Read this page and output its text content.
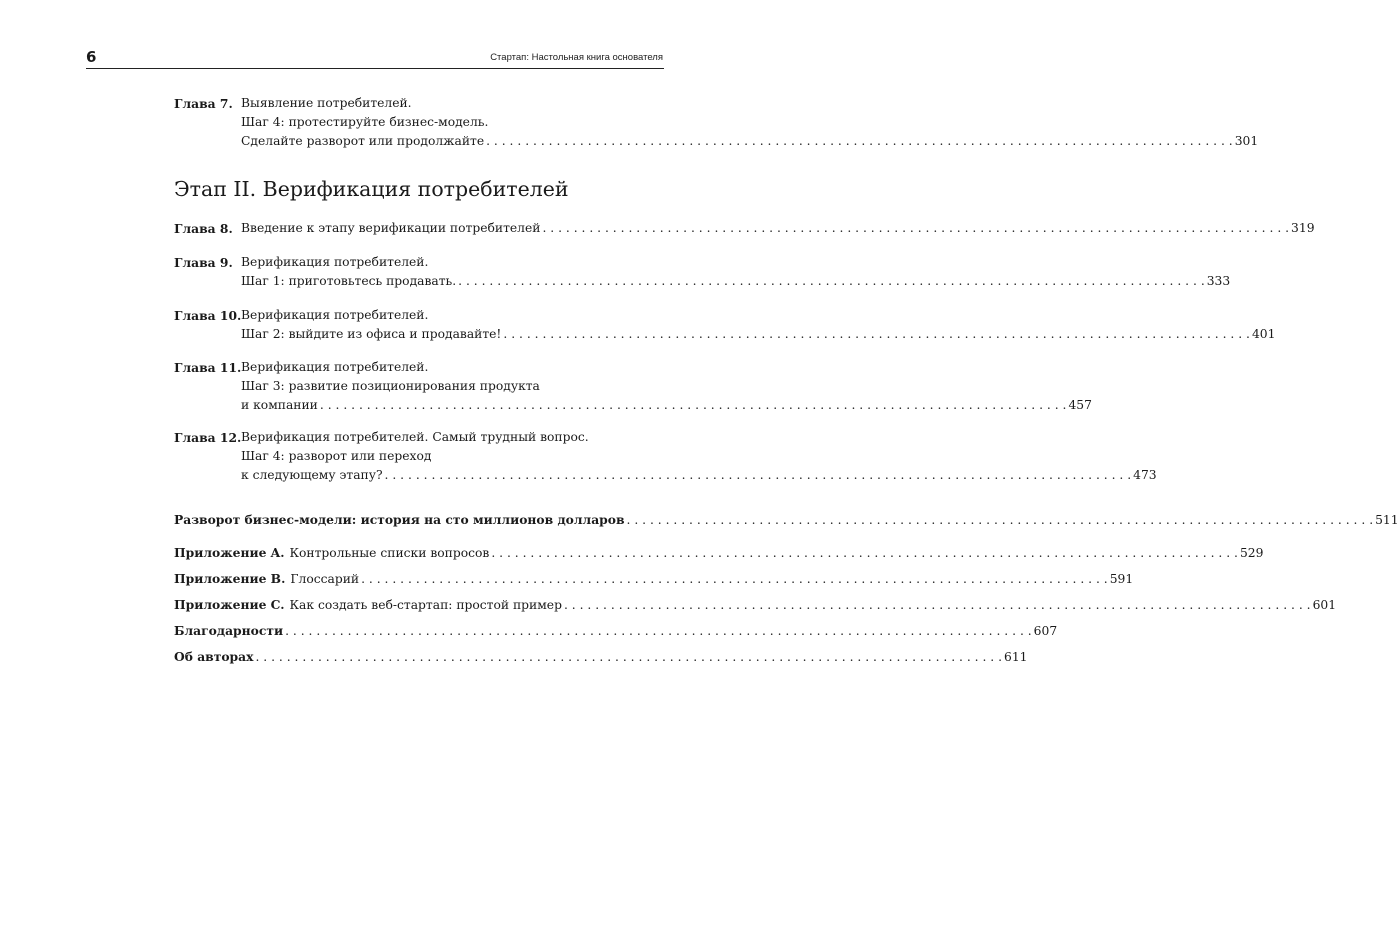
6	Стартап: Настольная книга основателя
Глава 7. Выявление потребителей.
Шаг 4: протестируйте бизнес-модель.
Сделайте разворот или продолжайте . . . . . . . . . . . . . . . . . . . . . . . . . . . . . . . . . . . . . . . . . . . . . . . . . . . . . . . . . . . . . . . . . . . . . . . . . . . . . . . . . . . . . . . . . . . . . . . . 301
Этап II. Верификация потребителей
Глава 8. Введение к этапу верификации потребителей . . . . . . . . . . . . . . . . . . . . . . . . . . . . . . . . . . . . . . . . . . . . . . . . . . . . . . . . . . . . . . . . . . . . . . . . . . . . . . . . . . . . . . . . . . . . . . . . 319
Глава 9. Верификация потребителей.
Шаг 1: приготовьтесь продавать. . . . . . . . . . . . . . . . . . . . . . . . . . . . . . . . . . . . . . . . . . . . . . . . . . . . . . . . . . . . . . . . . . . . . . . . . . . . . . . . . . . . . . . . . . . . . . . . . 333
Глава 10. Верификация потребителей.
Шаг 2: выйдите из офиса и продавайте! . . . . . . . . . . . . . . . . . . . . . . . . . . . . . . . . . . . . . . . . . . . . . . . . . . . . . . . . . . . . . . . . . . . . . . . . . . . . . . . . . . . . . . . . . . . . . . . . 401
Глава 11. Верификация потребителей.
Шаг 3: развитие позиционирования продукта
и компании . . . . . . . . . . . . . . . . . . . . . . . . . . . . . . . . . . . . . . . . . . . . . . . . . . . . . . . . . . . . . . . . . . . . . . . . . . . . . . . . . . . . . . . . . . . . . . . . 457
Глава 12. Верификация потребителей. Самый трудный вопрос.
Шаг 4: разворот или переход
к следующему этапу? . . . . . . . . . . . . . . . . . . . . . . . . . . . . . . . . . . . . . . . . . . . . . . . . . . . . . . . . . . . . . . . . . . . . . . . . . . . . . . . . . . . . . . . . . . . . . . . . 473
Разворот бизнес-модели: история на сто миллионов долларов . . . . . . . . . . . . . . . . . . . . . . . . . . . . . . . . . . . . . . . . . . . . . . . . . . . . . . . . . . . . . . . . . . . . . . . . . . . . . . . . . . . . . . . . . . . . . . . . 511
Приложение A. Контрольные списки вопросов . . . . . . . . . . . . . . . . . . . . . . . . . . . . . . . . . . . . . . . . . . . . . . . . . . . . . . . . . . . . . . . . . . . . . . . . . . . . . . . . . . . . . . . . . . . . . . . . 529
Приложение B. Глоссарий . . . . . . . . . . . . . . . . . . . . . . . . . . . . . . . . . . . . . . . . . . . . . . . . . . . . . . . . . . . . . . . . . . . . . . . . . . . . . . . . . . . . . . . . . . . . . . . . 591
Приложение C. Как создать веб-стартап: простой пример . . . . . . . . . . . . . . . . . . . . . . . . . . . . . . . . . . . . . . . . . . . . . . . . . . . . . . . . . . . . . . . . . . . . . . . . . . . . . . . . . . . . . . . . . . . . . . . . 601
Благодарности . . . . . . . . . . . . . . . . . . . . . . . . . . . . . . . . . . . . . . . . . . . . . . . . . . . . . . . . . . . . . . . . . . . . . . . . . . . . . . . . . . . . . . . . . . . . . . . . 607
Об авторах . . . . . . . . . . . . . . . . . . . . . . . . . . . . . . . . . . . . . . . . . . . . . . . . . . . . . . . . . . . . . . . . . . . . . . . . . . . . . . . . . . . . . . . . . . . . . . . . 611
